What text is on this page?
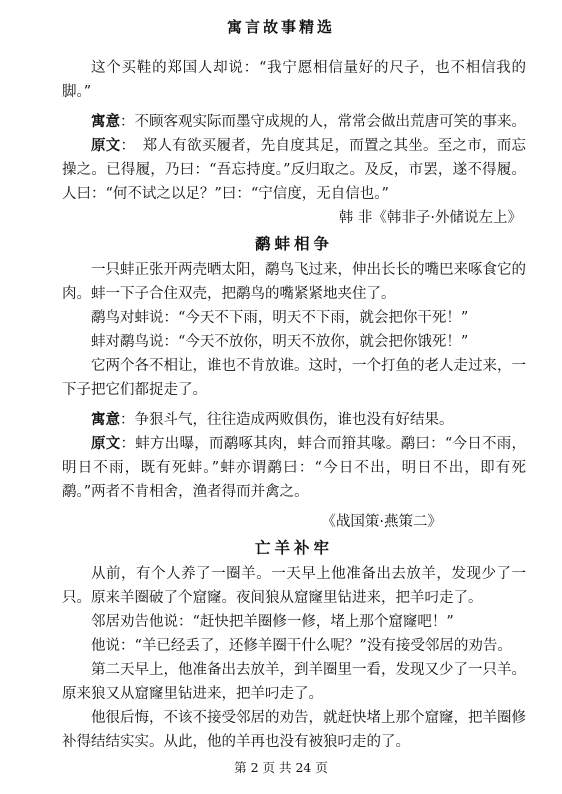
寓言故事精选

这个买鞋的郑国人却说：“我宁愿相信量好的尺子，也不相信我的脚。”

寓意：不顾客观实际而墨守成规的人，常常会做出荒唐可笑的事来。

原文：　郑人有欲买履者，先自度其足，而置之其坐。至之市，而忘操之。已得履，乃曰：“吾忘持度。”反归取之。及反，市罢，遂不得履。人曰：“何不试之以足？”曰：“宁信度，无自信也。”

韩 非《韩非子·外储说左上》

鹬蚌相争

一只蚌正张开两壳晒太阳，鹬鸟飞过来，伸出长长的嘴巴来啄食它的肉。蚌一下子合住双壳，把鹬鸟的嘴紧紧地夹住了。

鹬鸟对蚌说：“今天不下雨，明天不下雨，就会把你干死！”

蚌对鹬鸟说：“今天不放你，明天不放你，就会把你饿死！”

它两个各不相让，谁也不肯放谁。这时，一个打鱼的老人走过来，一下子把它们都捉走了。

寓意：争狠斗气，往往造成两败俱伤，谁也没有好结果。

原文：蚌方出曝，而鹬啄其肉，蚌合而箝其喙。鹬曰：“今日不雨，明日不雨，既有死蚌。”蚌亦谓鹬曰：“今日不出，明日不出，即有死鹬。”两者不肯相舍，渔者得而并禽之。

《战国策·燕策二》

亡羊补牢

从前，有个人养了一圈羊。一天早上他准备出去放羊，发现少了一只。原来羊圈破了个窟窿。夜间狼从窟窿里钻进来，把羊叼走了。

邻居劝告他说：“赶快把羊圈修一修，堵上那个窟窿吧！”

他说：“羊已经丢了，还修羊圈干什么呢？”没有接受邻居的劝告。

第二天早上，他准备出去放羊，到羊圈里一看，发现又少了一只羊。原来狼又从窟窿里钻进来，把羊叼走了。

他很后悔，不该不接受邻居的劝告，就赶快堵上那个窟窿，把羊圈修补得结结实实。从此，他的羊再也没有被狼叼走的了。

第 2 页 共 24 页
